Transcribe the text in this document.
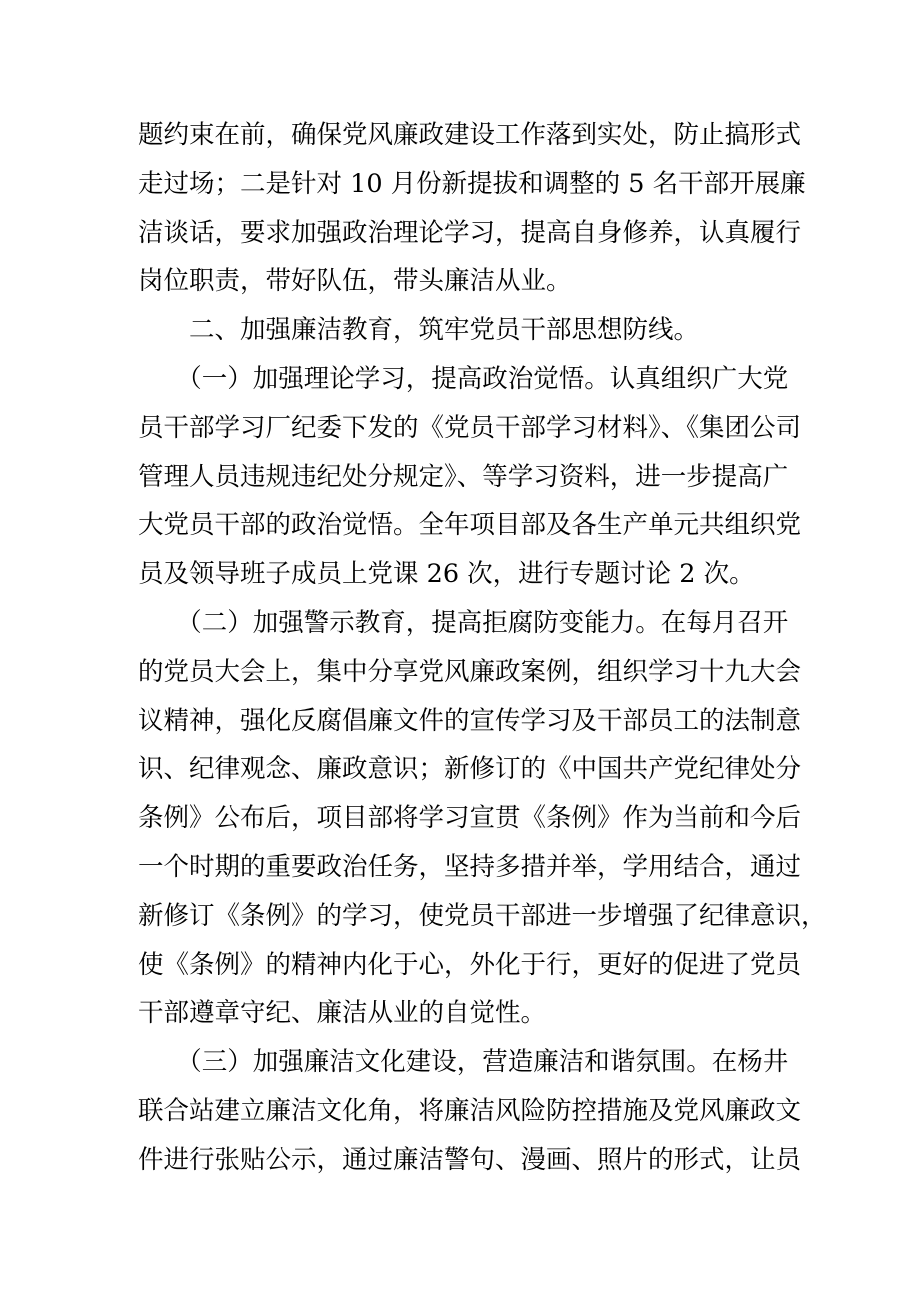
题约束在前，确保党风廉政建设工作落到实处，防止搞形式
走过场；二是针对 10 月份新提拔和调整的 5 名干部开展廉
洁谈话，要求加强政治理论学习，提高自身修养，认真履行
岗位职责，带好队伍，带头廉洁从业。
　　二、加强廉洁教育，筑牢党员干部思想防线。
　　（一）加强理论学习，提高政治觉悟。认真组织广大党
员干部学习厂纪委下发的《党员干部学习材料》、《集团公司
管理人员违规违纪处分规定》、等学习资料，进一步提高广
大党员干部的政治觉悟。全年项目部及各生产单元共组织党
员及领导班子成员上党课 26 次，进行专题讨论 2 次。
　　（二）加强警示教育，提高拒腐防变能力。在每月召开
的党员大会上，集中分享党风廉政案例，组织学习十九大会
议精神，强化反腐倡廉文件的宣传学习及干部员工的法制意
识、纪律观念、廉政意识；新修订的《中国共产党纪律处分
条例》公布后，项目部将学习宣贯《条例》作为当前和今后
一个时期的重要政治任务，坚持多措并举，学用结合，通过
新修订《条例》的学习，使党员干部进一步增强了纪律意识，
使《条例》的精神内化于心，外化于行，更好的促进了党员
干部遵章守纪、廉洁从业的自觉性。
　　（三）加强廉洁文化建设，营造廉洁和谐氛围。在杨井
联合站建立廉洁文化角，将廉洁风险防控措施及党风廉政文
件进行张贴公示，通过廉洁警句、漫画、照片的形式，让员
